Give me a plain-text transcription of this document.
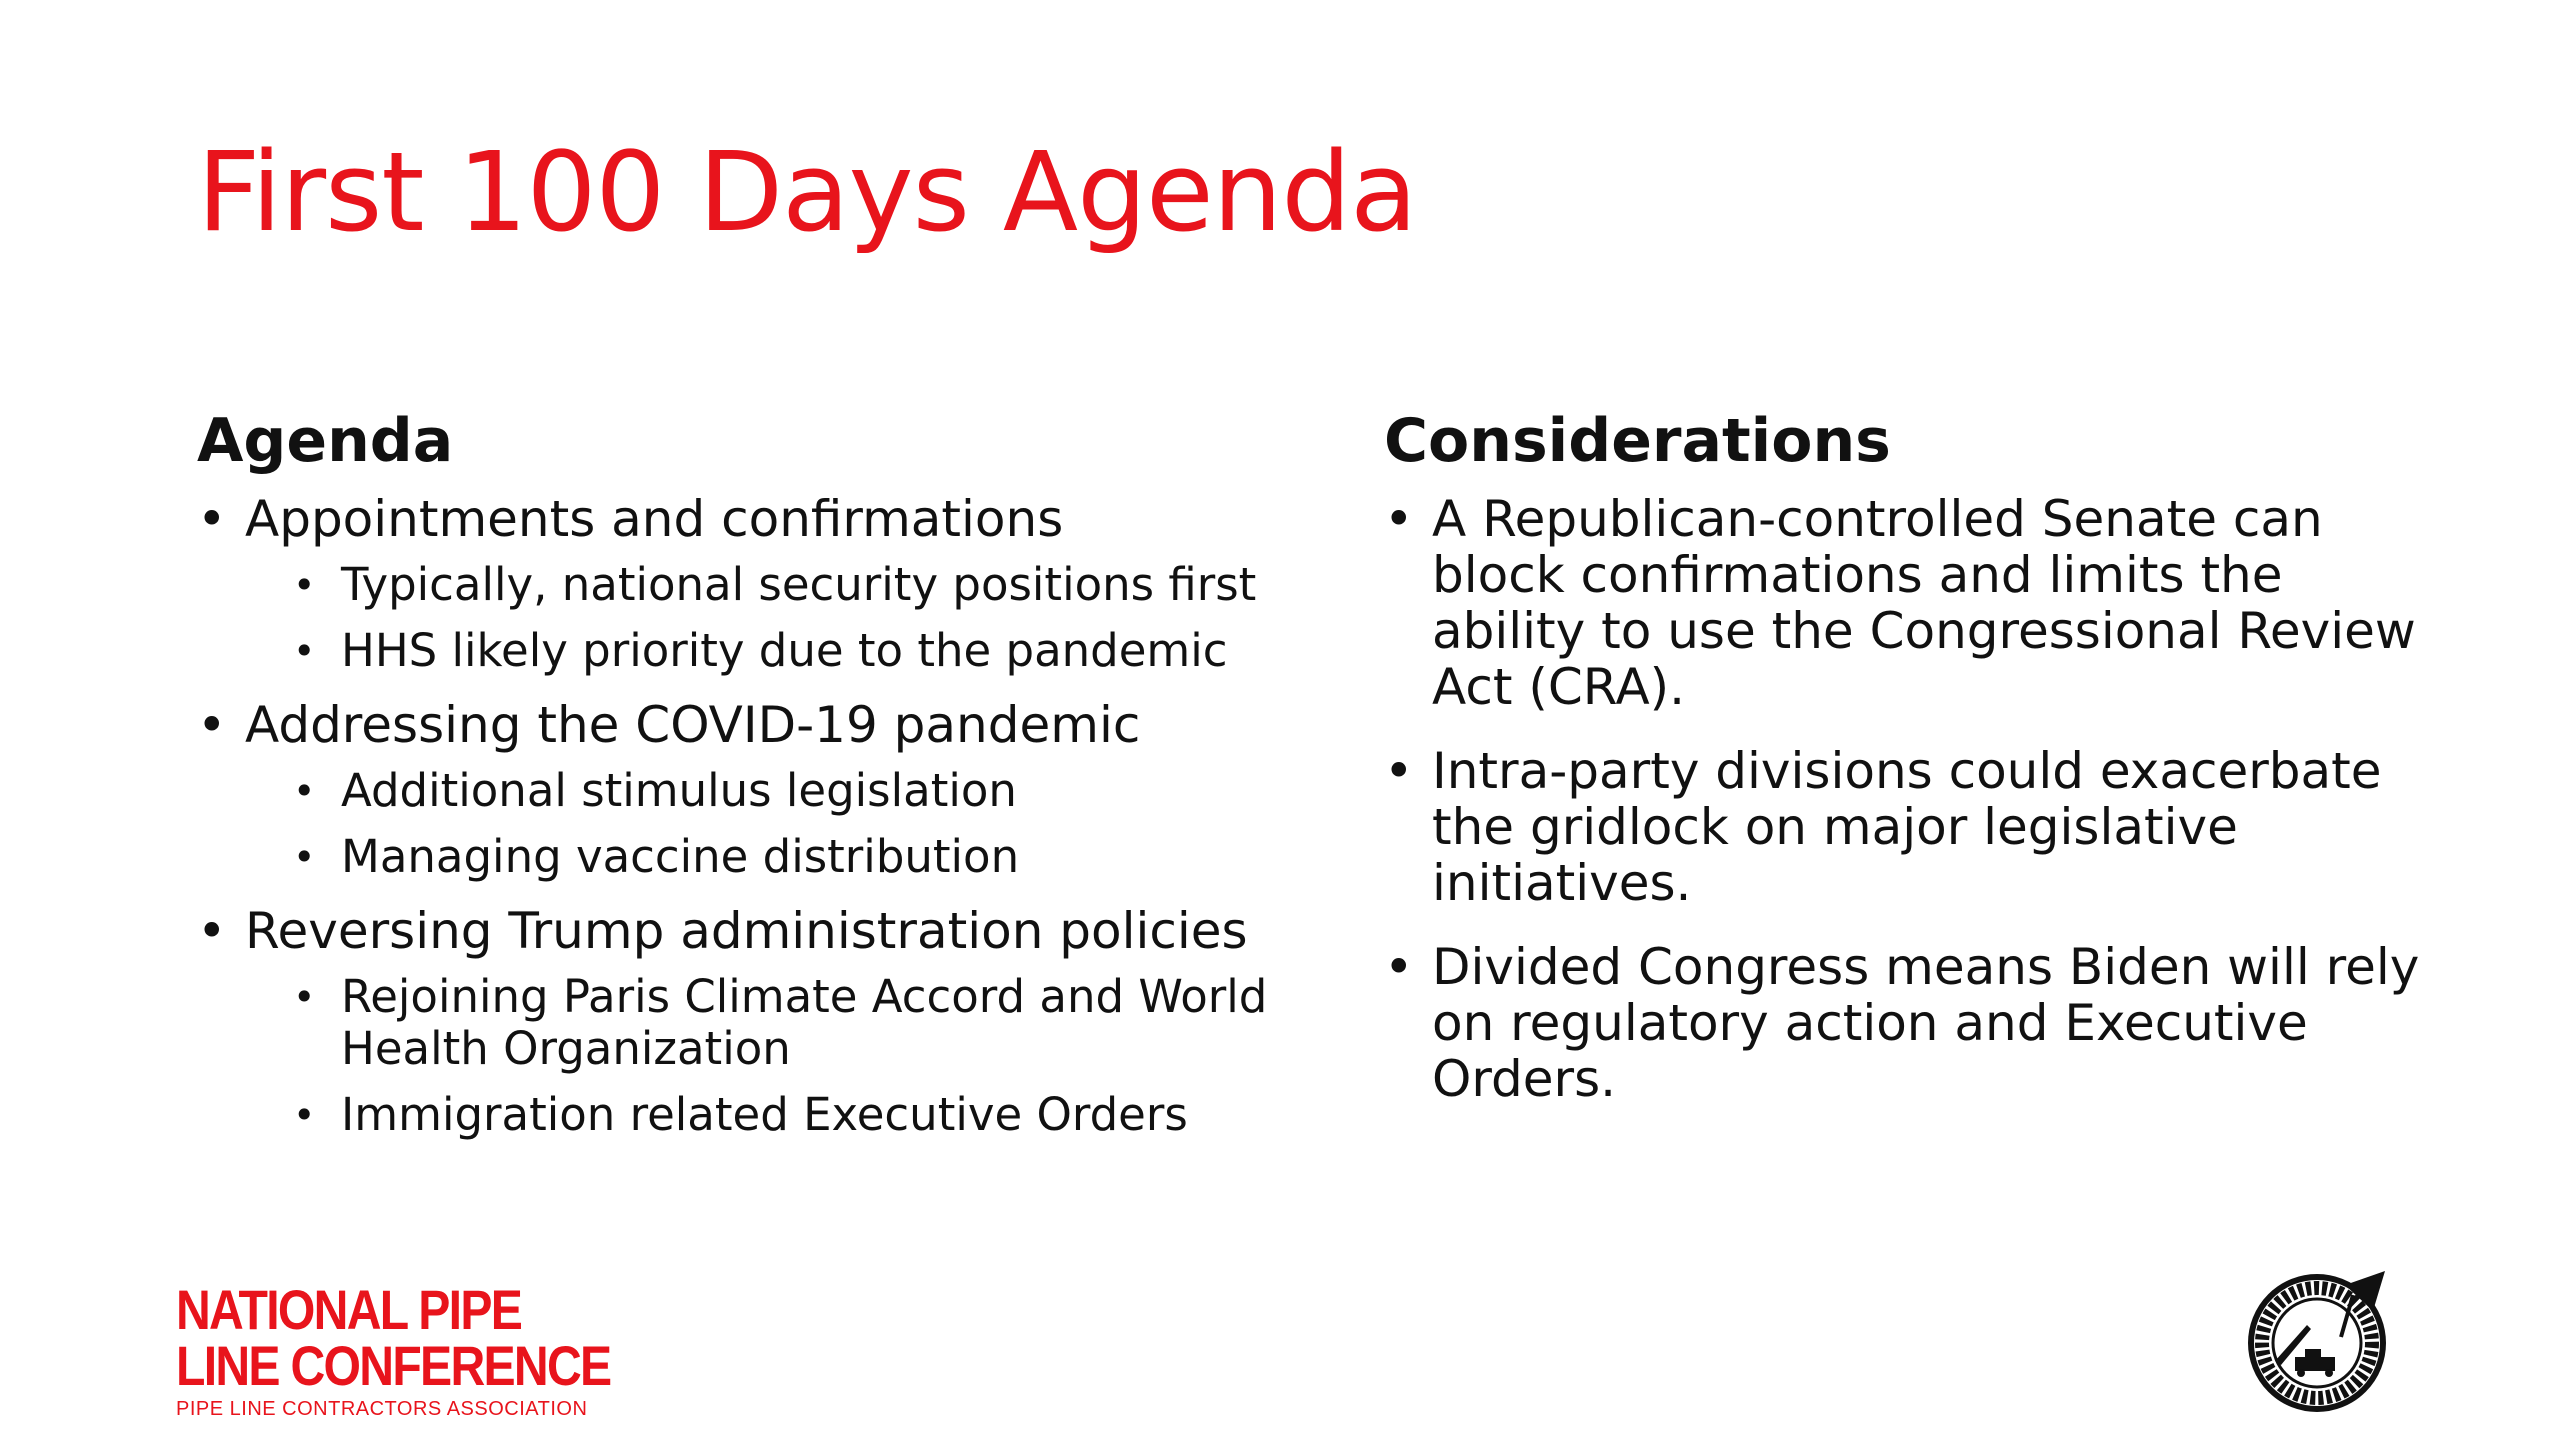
First 100 Days Agenda
Agenda
• Appointments and confirmations
• Typically, national security positions first
• HHS likely priority due to the pandemic
• Addressing the COVID-19 pandemic
• Additional stimulus legislation
• Managing vaccine distribution
• Reversing Trump administration policies
• Rejoining Paris Climate Accord and World Health Organization
• Immigration related Executive Orders
Considerations
• A Republican-controlled Senate can block confirmations and limits the ability to use the Congressional Review Act (CRA).
• Intra-party divisions could exacerbate the gridlock on major legislative initiatives.
• Divided Congress means Biden will rely on regulatory action and Executive Orders.
NATIONAL PIPE
LINE CONFERENCE
PIPE LINE CONTRACTORS ASSOCIATION
